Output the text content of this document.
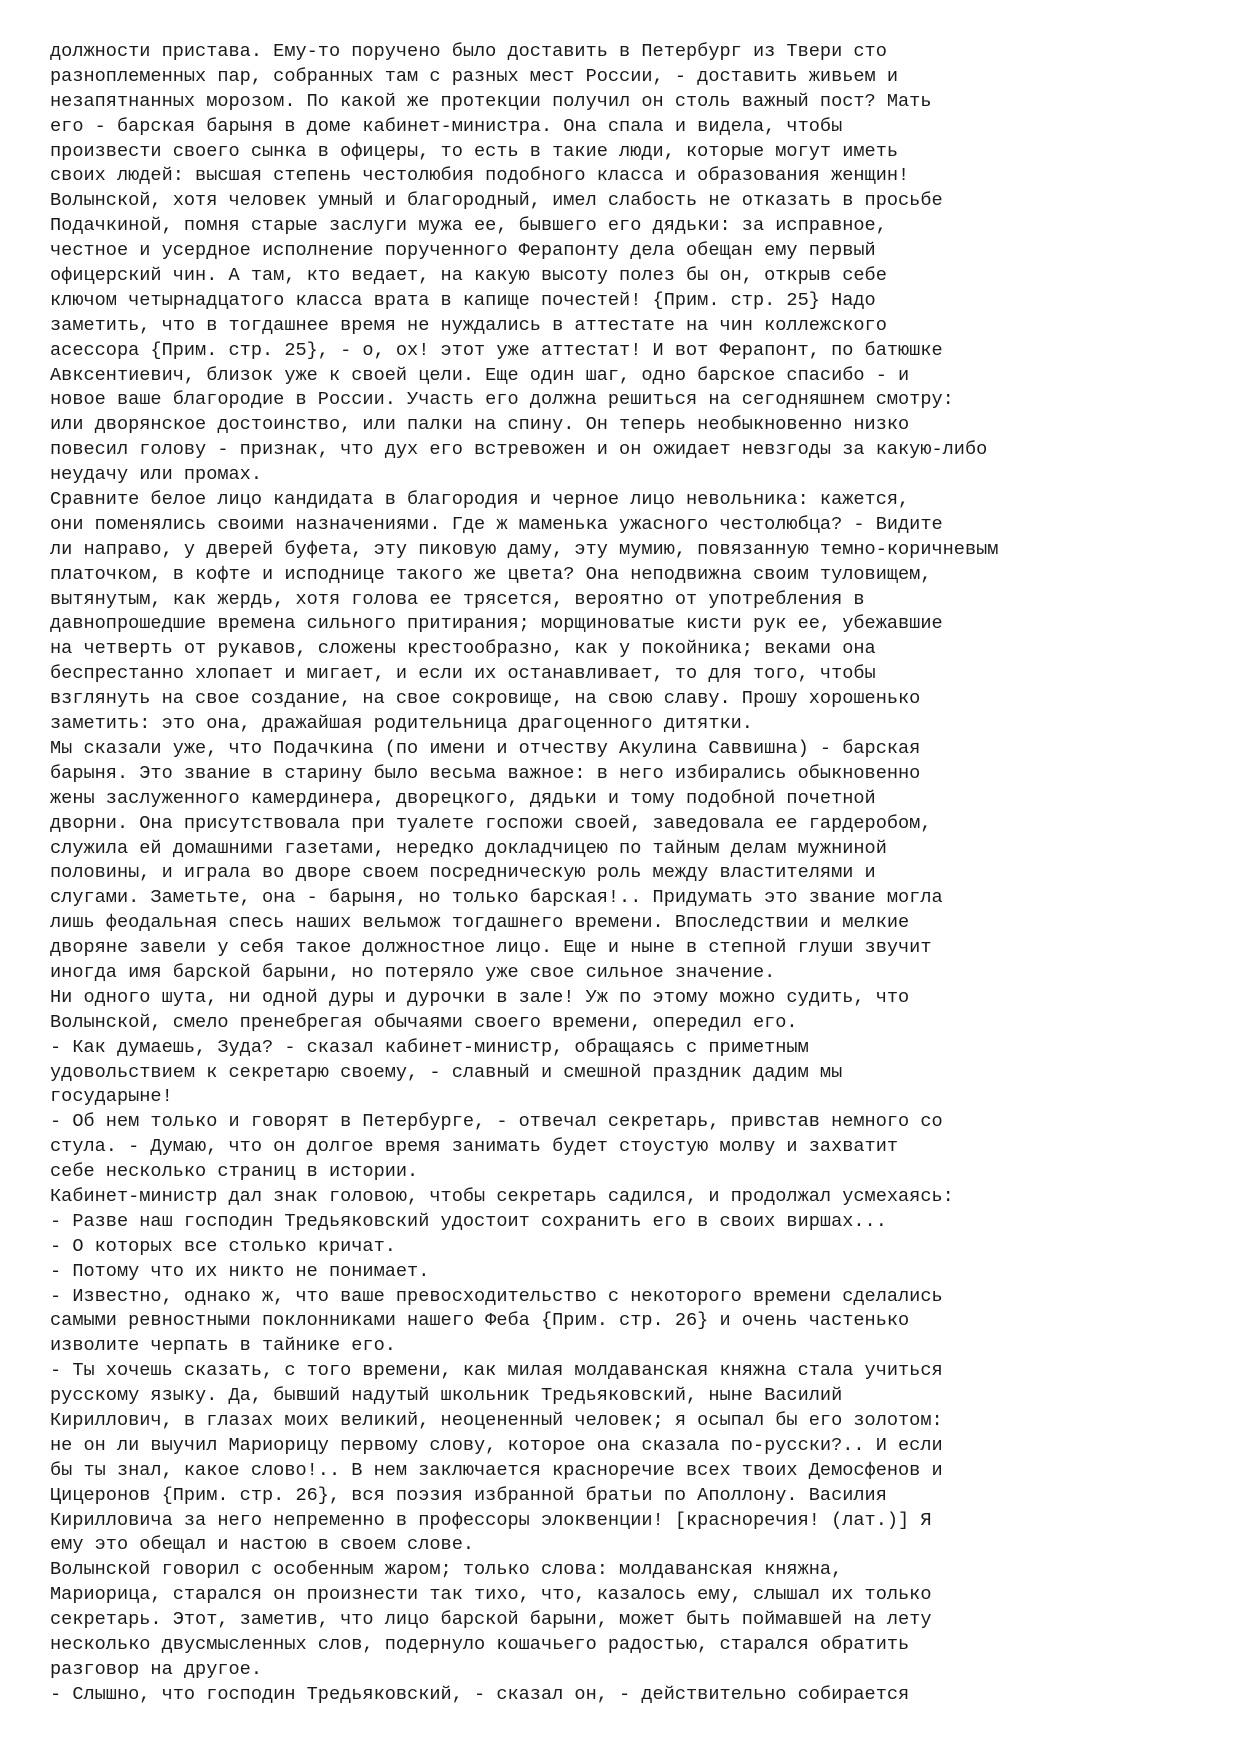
должности пристава. Ему-то поручено было доставить в Петербург из Твери сто
разноплеменных пар, собранных там с разных мест России, - доставить живьем и
незапятнанных морозом. По какой же протекции получил он столь важный пост? Мать
его - барская барыня в доме кабинет-министра. Она спала и видела, чтобы
произвести своего сынка в офицеры, то есть в такие люди, которые могут иметь
своих людей: высшая степень честолюбия подобного класса и образования женщин!
Волынской, хотя человек умный и благородный, имел слабость не отказать в просьбе
Подачкиной, помня старые заслуги мужа ее, бывшего его дядьки: за исправное,
честное и усердное исполнение порученного Ферапонту дела обещан ему первый
офицерский чин. А там, кто ведает, на какую высоту полез бы он, открыв себе
ключом четырнадцатого класса врата в капище почестей! {Прим. стр. 25} Надо
заметить, что в тогдашнее время не нуждались в аттестате на чин коллежского
асессора {Прим. стр. 25}, - о, ох! этот уже аттестат! И вот Ферапонт, по батюшке
Авксентиевич, близок уже к своей цели. Еще один шаг, одно барское спасибо - и
новое ваше благородие в России. Участь его должна решиться на сегодняшнем смотру:
или дворянское достоинство, или палки на спину. Он теперь необыкновенно низко
повесил голову - признак, что дух его встревожен и он ожидает невзгоды за какую-либо
неудачу или промах.
Сравните белое лицо кандидата в благородия и черное лицо невольника: кажется,
они поменялись своими назначениями. Где ж маменька ужасного честолюбца? - Видите
ли направо, у дверей буфета, эту пиковую даму, эту мумию, повязанную темно-коричневым
платочком, в кофте и исподнице такого же цвета? Она неподвижна своим туловищем,
вытянутым, как жердь, хотя голова ее трясется, вероятно от употребления в
давнопрошедшие времена сильного притирания; морщиноватые кисти рук ее, убежавшие
на четверть от рукавов, сложены крестообразно, как у покойника; веками она
беспрестанно хлопает и мигает, и если их останавливает, то для того, чтобы
взглянуть на свое создание, на свое сокровище, на свою славу. Прошу хорошенько
заметить: это она, дражайшая родительница драгоценного дитятки.
Мы сказали уже, что Подачкина (по имени и отчеству Акулина Саввишна) - барская
барыня. Это звание в старину было весьма важное: в него избирались обыкновенно
жены заслуженного камердинера, дворецкого, дядьки и тому подобной почетной
дворни. Она присутствовала при туалете госпожи своей, заведовала ее гардеробом,
служила ей домашними газетами, нередко докладчицею по тайным делам мужниной
половины, и играла во дворе своем посредническую роль между властителями и
слугами. Заметьте, она - барыня, но только барская!.. Придумать это звание могла
лишь феодальная спесь наших вельмож тогдашнего времени. Впоследствии и мелкие
дворяне завели у себя такое должностное лицо. Еще и ныне в степной глуши звучит
иногда имя барской барыни, но потеряло уже свое сильное значение.
Ни одного шута, ни одной дуры и дурочки в зале! Уж по этому можно судить, что
Волынской, смело пренебрегая обычаями своего времени, опередил его.
- Как думаешь, Зуда? - сказал кабинет-министр, обращаясь с приметным
удовольствием к секретарю своему, - славный и смешной праздник дадим мы
государыне!
- Об нем только и говорят в Петербурге, - отвечал секретарь, привстав немного со
стула. - Думаю, что он долгое время занимать будет стоустую молву и захватит
себе несколько страниц в истории.
Кабинет-министр дал знак головою, чтобы секретарь садился, и продолжал усмехаясь:
- Разве наш господин Тредьяковский удостоит сохранить его в своих виршах...
- О которых все столько кричат.
- Потому что их никто не понимает.
- Известно, однако ж, что ваше превосходительство с некоторого времени сделались
самыми ревностными поклонниками нашего Феба {Прим. стр. 26} и очень частенько
изволите черпать в тайнике его.
- Ты хочешь сказать, с того времени, как милая молдаванская княжна стала учиться
русскому языку. Да, бывший надутый школьник Тредьяковский, ныне Василий
Кириллович, в глазах моих великий, неоцененный человек; я осыпал бы его золотом:
не он ли выучил Мариорицу первому слову, которое она сказала по-русски?.. И если
бы ты знал, какое слово!.. В нем заключается красноречие всех твоих Демосфенов и
Цицеронов {Прим. стр. 26}, вся поэзия избранной братьи по Аполлону. Василия
Кирилловича за него непременно в профессоры элоквенции! [красноречия! (лат.)] Я
ему это обещал и настою в своем слове.
Волынской говорил с особенным жаром; только слова: молдаванская княжна,
Мариорица, старался он произнести так тихо, что, казалось ему, слышал их только
секретарь. Этот, заметив, что лицо барской барыни, может быть поймавшей на лету
несколько двусмысленных слов, подернуло кошачьего радостью, старался обратить
разговор на другое.
- Слышно, что господин Тредьяковский, - сказал он, - действительно собирается
